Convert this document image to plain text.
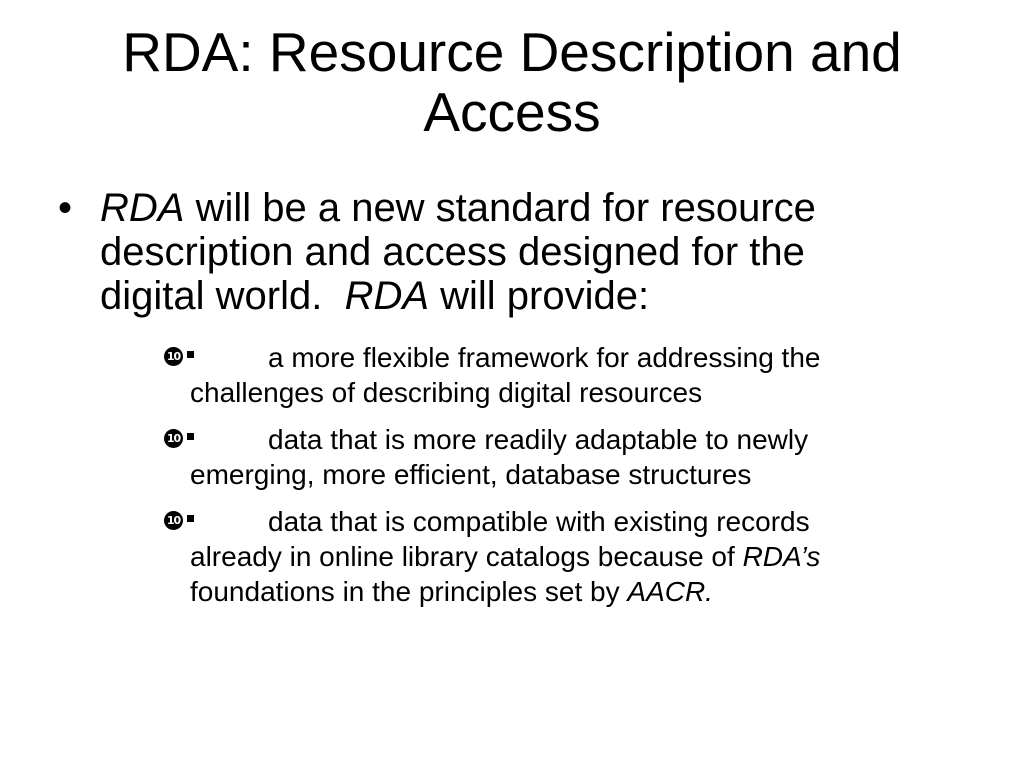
RDA: Resource Description and
Access
• RDA will be a new standard for resource
description and access designed for the
digital world.  RDA will provide:
10	a more flexible framework for addressing the
challenges of describing digital resources
10	data that is more readily adaptable to newly
emerging, more efficient, database structures
10	data that is compatible with existing records
already in online library catalogs because of RDA’s
foundations in the principles set by AACR.
